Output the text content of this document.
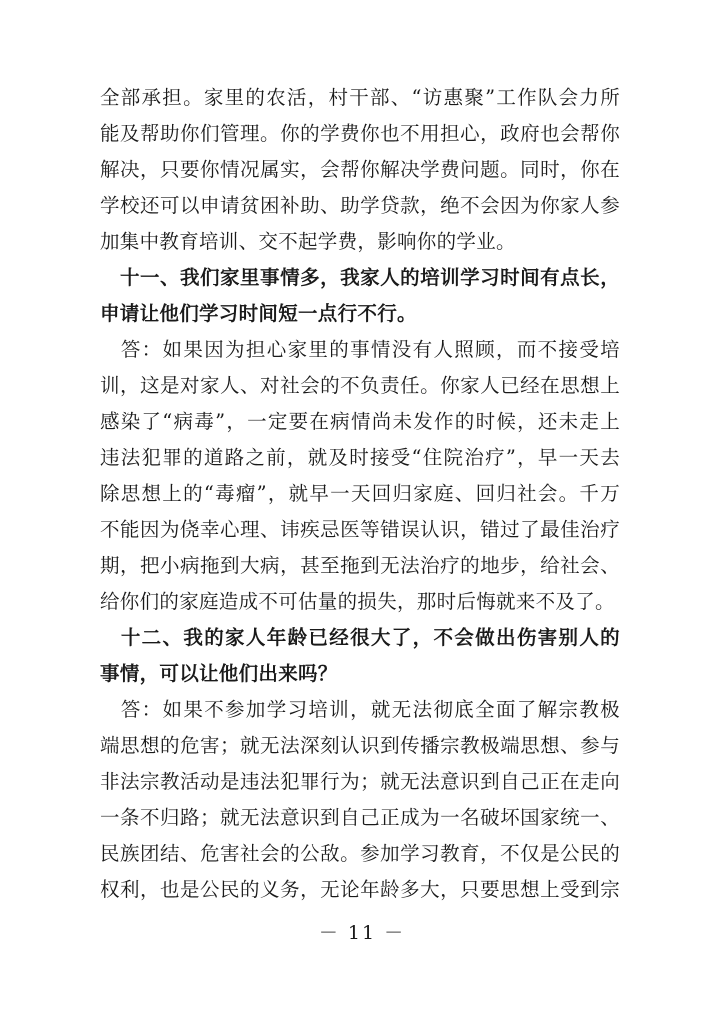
全部承担。家里的农活，村干部、“访惠聚”工作队会力所
能及帮助你们管理。你的学费你也不用担心，政府也会帮你
解决，只要你情况属实，会帮你解决学费问题。同时，你在
学校还可以申请贫困补助、助学贷款，绝不会因为你家人参
加集中教育培训、交不起学费，影响你的学业。
　十一、我们家里事情多，我家人的培训学习时间有点长，
申请让他们学习时间短一点行不行。
　答：如果因为担心家里的事情没有人照顾，而不接受培
训，这是对家人、对社会的不负责任。你家人已经在思想上
感染了“病毒”，一定要在病情尚未发作的时候，还未走上
违法犯罪的道路之前，就及时接受“住院治疗”，早一天去
除思想上的“毒瘤”，就早一天回归家庭、回归社会。千万
不能因为侥幸心理、讳疾忌医等错误认识，错过了最佳治疗
期，把小病拖到大病，甚至拖到无法治疗的地步，给社会、
给你们的家庭造成不可估量的损失，那时后悔就来不及了。
　十二、我的家人年龄已经很大了，不会做出伤害别人的
事情，可以让他们出来吗？
　答：如果不参加学习培训，就无法彻底全面了解宗教极
端思想的危害；就无法深刻认识到传播宗教极端思想、参与
非法宗教活动是违法犯罪行为；就无法意识到自己正在走向
一条不归路；就无法意识到自己正成为一名破坏国家统一、
民族团结、危害社会的公敌。参加学习教育，不仅是公民的
权利，也是公民的义务，无论年龄多大，只要思想上受到宗
－ 11 －
